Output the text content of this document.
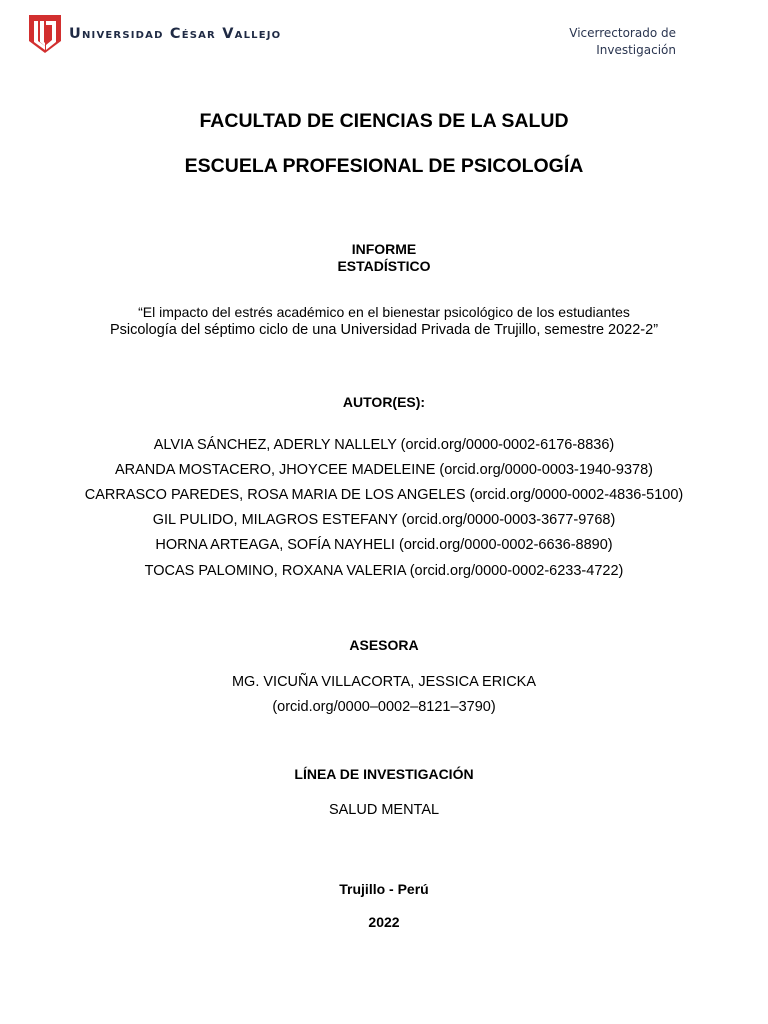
Universidad César Vallejo	Vicerrectorado de
Investigación
FACULTAD DE CIENCIAS DE LA SALUD
ESCUELA PROFESIONAL DE PSICOLOGÍA
INFORME
ESTADÍSTICO
“El impacto del estrés académico en el bienestar psicológico de los estudiantes
Psicología del séptimo ciclo de una Universidad Privada de Trujillo, semestre 2022-2”
AUTOR(ES):
ALVIA SÁNCHEZ, ADERLY NALLELY (orcid.org/0000-0002-6176-8836)
ARANDA MOSTACERO, JHOYCEE MADELEINE (orcid.org/0000-0003-1940-9378)
CARRASCO PAREDES, ROSA MARIA DE LOS ANGELES (orcid.org/0000-0002-4836-5100)
GIL PULIDO, MILAGROS ESTEFANY (orcid.org/0000-0003-3677-9768)
HORNA ARTEAGA, SOFÍA NAYHELI (orcid.org/0000-0002-6636-8890)
TOCAS PALOMINO, ROXANA VALERIA (orcid.org/0000-0002-6233-4722)
ASESORA
MG. VICUÑA VILLACORTA, JESSICA ERICKA
(orcid.org/0000–0002–8121–3790)
LÍNEA DE INVESTIGACIÓN
SALUD MENTAL
Trujillo - Perú
2022
